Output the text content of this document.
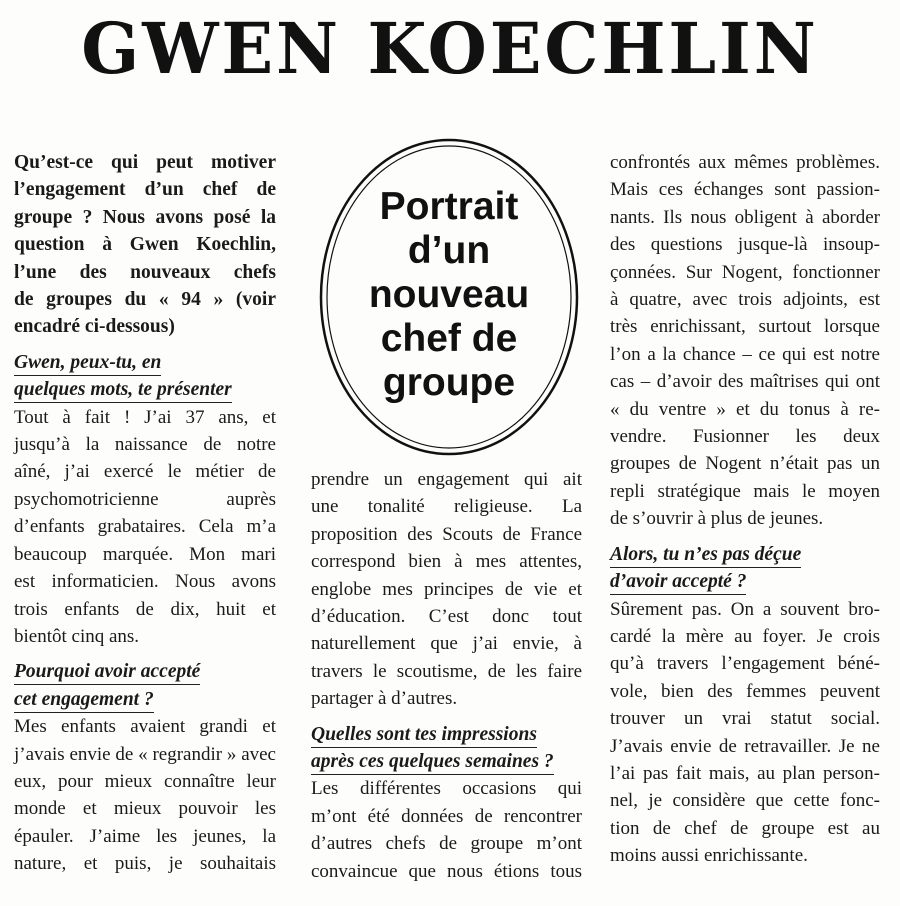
GWEN KOECHLIN
Portrait
d’un
nouveau
chef de
groupe
Qu’est-ce qui peut motiver
l’engagement d’un chef de
groupe ? Nous avons posé la
question à Gwen Koechlin,
l’une des nouveaux chefs
de groupes du « 94 » (voir
encadré ci-dessous)
Gwen, peux-tu, en
quelques mots, te présenter
Tout à fait ! J’ai 37 ans, et
jusqu’à la naissance de notre
aîné, j’ai exercé le métier de
psychomotricienne auprès
d’enfants grabataires. Cela m’a
beaucoup marquée. Mon mari
est informaticien. Nous avons
trois enfants de dix, huit et
bientôt cinq ans.
Pourquoi avoir accepté
cet engagement ?
Mes enfants avaient grandi et
j’avais envie de « regrandir » avec
eux, pour mieux connaître leur
monde et mieux pouvoir les
épauler. J’aime les jeunes, la
nature, et puis, je souhaitais
prendre un engagement qui ait
une tonalité religieuse. La
proposition des Scouts de France
correspond bien à mes attentes,
englobe mes principes de vie et
d’éducation. C’est donc tout
naturellement que j’ai envie, à
travers le scoutisme, de les faire
partager à d’autres.
Quelles sont tes impressions
après ces quelques semaines ?
Les différentes occasions qui
m’ont été données de rencontrer
d’autres chefs de groupe m’ont
convaincue que nous étions tous
confrontés aux mêmes problèmes.
Mais ces échanges sont passion-
nants. Ils nous obligent à aborder
des questions jusque-là insoup-
çonnées. Sur Nogent, fonctionner
à quatre, avec trois adjoints, est
très enrichissant, surtout lorsque
l’on a la chance – ce qui est notre
cas – d’avoir des maîtrises qui ont
« du ventre » et du tonus à re-
vendre. Fusionner les deux
groupes de Nogent n’était pas un
repli stratégique mais le moyen
de s’ouvrir à plus de jeunes.
Alors, tu n’es pas déçue
d’avoir accepté ?
Sûrement pas. On a souvent bro-
cardé la mère au foyer. Je crois
qu’à travers l’engagement béné-
vole, bien des femmes peuvent
trouver un vrai statut social.
J’avais envie de retravailler. Je ne
l’ai pas fait mais, au plan person-
nel, je considère que cette fonc-
tion de chef de groupe est au
moins aussi enrichissante.
